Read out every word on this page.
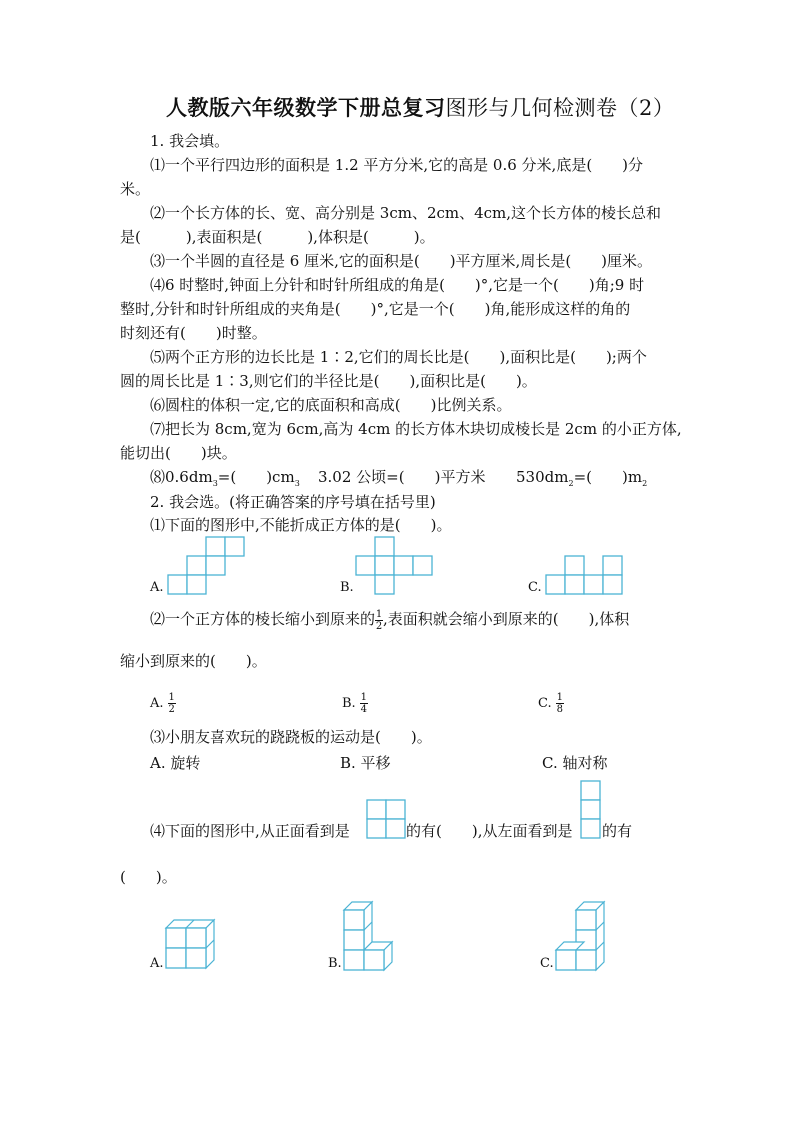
人教版六年级数学下册总复习图形与几何检测卷（2）
1. 我会填。
⑴一个平行四边形的面积是 1.2 平方分米,它的高是 0.6 分米,底是(　　)分
米。
⑵一个长方体的长、宽、高分别是 3cm、2cm、4cm,这个长方体的棱长总和
是(　　　),表面积是(　　　),体积是(　　　)。
⑶一个半圆的直径是 6 厘米,它的面积是(　　)平方厘米,周长是(　　)厘米。
⑷6 时整时,钟面上分针和时针所组成的角是(　　)°,它是一个(　　)角;9 时
整时,分针和时针所组成的夹角是(　　)°,它是一个(　　)角,能形成这样的角的
时刻还有(　　)时整。
⑸两个正方形的边长比是 1∶2,它们的周长比是(　　),面积比是(　　);两个
圆的周长比是 1∶3,则它们的半径比是(　　),面积比是(　　)。
⑹圆柱的体积一定,它的底面积和高成(　　)比例关系。
⑺把长为 8cm,宽为 6cm,高为 4cm 的长方体木块切成棱长是 2cm 的小正方体,
能切出(　　)块。
$⑻0.6dm_3=$(　　)$cm_3$ 3.02 公顷=(　　)平方米 $530dm_2=$(　　)$m_2$
2. 我会选。(将正确答案的序号填在括号里)
⑴下面的图形中,不能折成正方体的是(　　)。
A.	B.	C.
⑵一个正方体的棱长缩小到原来的 $\frac{1}{2}$ ,表面积就会缩小到原来的(　　),体积
缩小到原来的(　　)。
A. $\frac{1}{2}$	B. $\frac{1}{4}$	C. $\frac{1}{8}$
⑶小朋友喜欢玩的跷跷板的运动是(　　)。
A. 旋转	B. 平移	C. 轴对称
⑷下面的图形中,从正面看到是	的有(　　),从左面看到是 的有
(　　)。
A.	B.	C.
